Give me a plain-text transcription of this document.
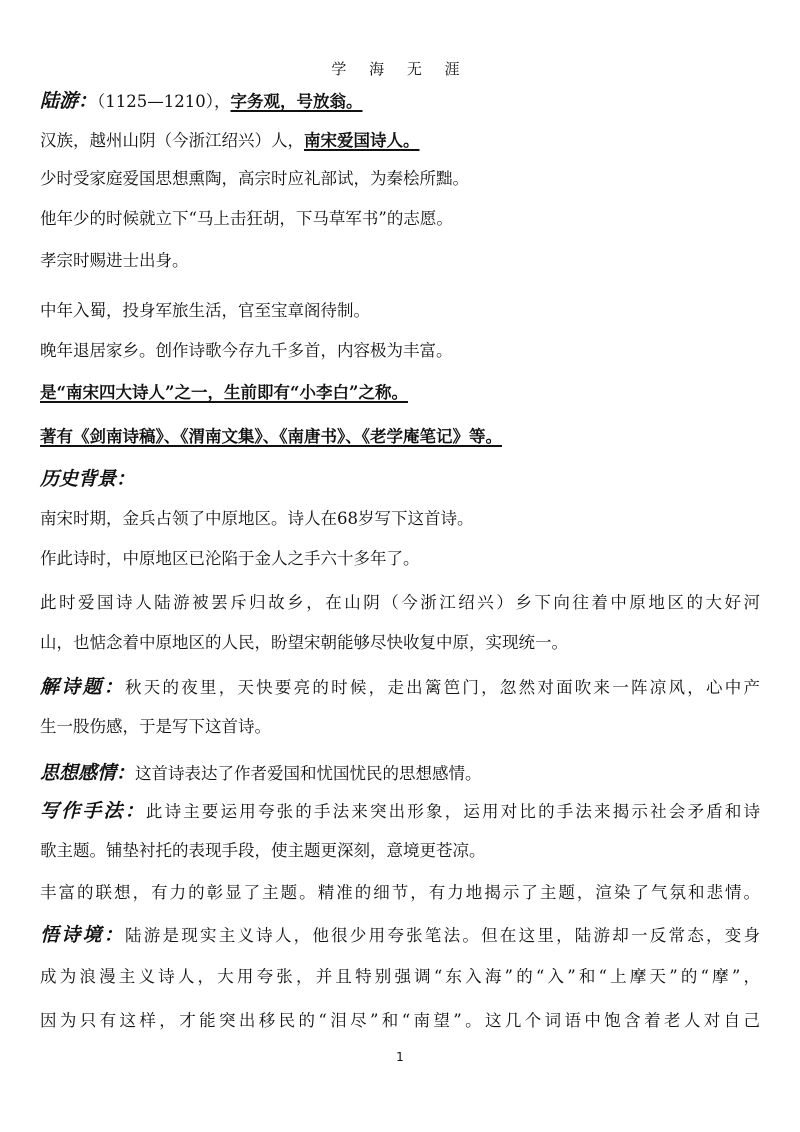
学 海 无 涯
陆游：（1125—1210），字务观，号放翁。
汉族，越州山阴（今浙江绍兴）人，南宋爱国诗人。
少时受家庭爱国思想熏陶，高宗时应礼部试，为秦桧所黜。
他年少的时候就立下“马上击狂胡，下马草军书”的志愿。
孝宗时赐进士出身。
中年入蜀，投身军旅生活，官至宝章阁待制。
晚年退居家乡。创作诗歌今存九千多首，内容极为丰富。
是“南宋四大诗人”之一，生前即有“小李白”之称。
著有《剑南诗稿》、《渭南文集》、《南唐书》、《老学庵笔记》等。
历史背景：
南宋时期，金兵占领了中原地区。诗人在68岁写下这首诗。
作此诗时，中原地区已沦陷于金人之手六十多年了。
此时爱国诗人陆游被罢斥归故乡，在山阴（今浙江绍兴）乡下向往着中原地区的大好河
山，也惦念着中原地区的人民，盼望宋朝能够尽快收复中原，实现统一。
解诗题：秋天的夜里，天快要亮的时候，走出篱笆门，忽然对面吹来一阵凉风，心中产
生一股伤感，于是写下这首诗。
思想感情：这首诗表达了作者爱国和忧国忧民的思想感情。
写作手法：此诗主要运用夸张的手法来突出形象，运用对比的手法来揭示社会矛盾和诗
歌主题。铺垫衬托的表现手段，使主题更深刻，意境更苍凉。
丰富的联想，有力的彰显了主题。精准的细节，有力地揭示了主题，渲染了气氛和悲情。
悟诗境：陆游是现实主义诗人，他很少用夸张笔法。但在这里，陆游却一反常态，变身
成为浪漫主义诗人，大用夸张，并且特别强调“东入海”的“入”和“上摩天”的“摩”，
因为只有这样，才能突出移民的“泪尽”和“南望”。这几个词语中饱含着老人对自己
1
